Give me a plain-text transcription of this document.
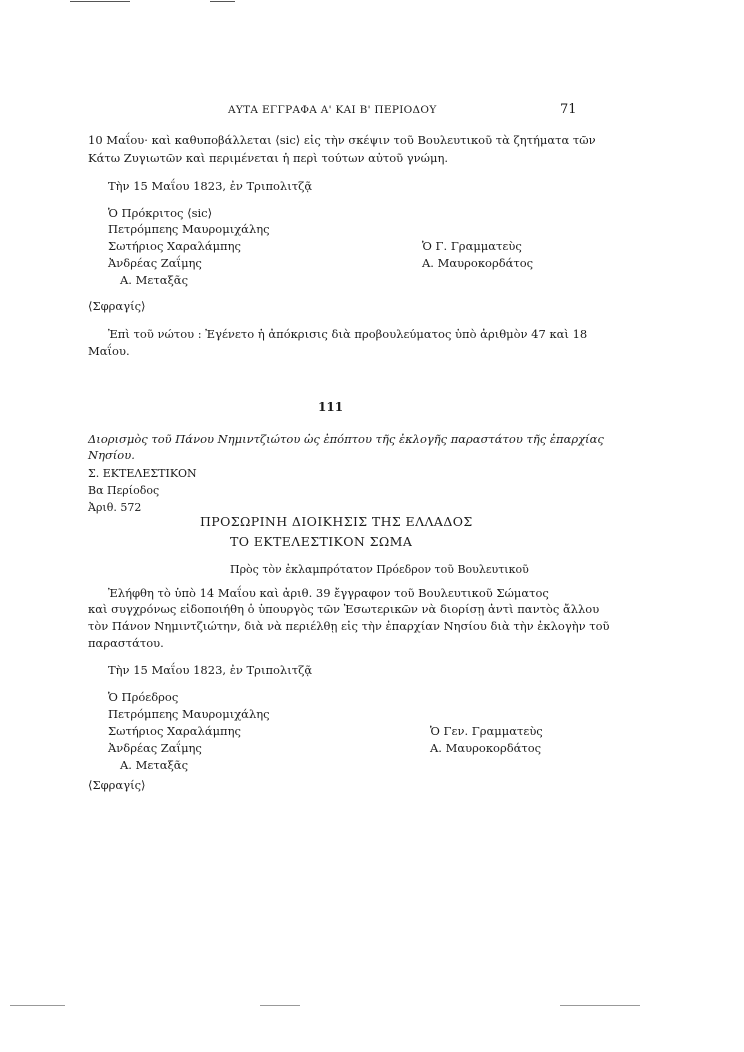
ΑΥΤΑ ΕΓΓΡΑΦΑ Α' ΚΑΙ Β' ΠΕΡΙΟΔΟΥ	71
10 Μαΐου· καὶ καθυποβάλλεται ⟨sic⟩ εἰς τὴν σκέψιν τοῦ Βουλευτικοῦ τὰ ζητήματα τῶν
Κάτω Ζυγιωτῶν καὶ περιμένεται ἡ περὶ τούτων αὐτοῦ γνώμη.
Τὴν 15 Μαΐου 1823, ἐν Τριπολιτζᾷ
Ὁ Πρόκριτος ⟨sic⟩
Πετρόμπεης Μαυρομιχάλης
Σωτήριος Χαραλάμπης
Ἀνδρέας Ζαΐμης
Α. Μεταξᾶς
Ὁ Γ. Γραμματεὺς
Α. Μαυροκορδάτος
⟨Σφραγίς⟩
Ἐπὶ τοῦ νώτου : Ἐγένετο ἡ ἀπόκρισις διὰ προβουλεύματος ὑπὸ ἀριθμὸν 47 καὶ 18
Μαΐου.
111
Διορισμὸς τοῦ Πάνου Νημιντζιώτου ὡς ἐπόπτου τῆς ἐκλογῆς παραστάτου τῆς ἐπαρχίας
Νησίου.
Σ. ΕΚΤΕΛΕΣΤΙΚΟΝ
Βα Περίοδος
Ἀριθ. 572
ΠΡΟΣΩΡΙΝΗ ΔΙΟΙΚΗΣΙΣ ΤΗΣ ΕΛΛΑΔΟΣ
ΤΟ ΕΚΤΕΛΕΣΤΙΚΟΝ ΣΩΜΑ
Πρὸς τὸν ἐκλαμπρότατον Πρόεδρον τοῦ Βουλευτικοῦ
Ἐλήφθη τὸ ὑπὸ 14 Μαΐου καὶ ἀριθ. 39 ἔγγραφον τοῦ Βουλευτικοῦ Σώματος
καὶ συγχρόνως εἰδοποιήθη ὁ ὑπουργὸς τῶν Ἐσωτερικῶν νὰ διορίσῃ ἀντὶ παντὸς ἄλλου
τὸν Πάνον Νημιντζιώτην, διὰ νὰ περιέλθῃ εἰς τὴν ἐπαρχίαν Νησίου διὰ τὴν ἐκλογὴν τοῦ
παραστάτου.
Τὴν 15 Μαΐου 1823, ἐν Τριπολιτζᾷ
Ὁ Πρόεδρος
Πετρόμπεης Μαυρομιχάλης
Σωτήριος Χαραλάμπης
Ἀνδρέας Ζαΐμης
Α. Μεταξᾶς
Ὁ Γεν. Γραμματεὺς
Α. Μαυροκορδάτος
⟨Σφραγίς⟩
